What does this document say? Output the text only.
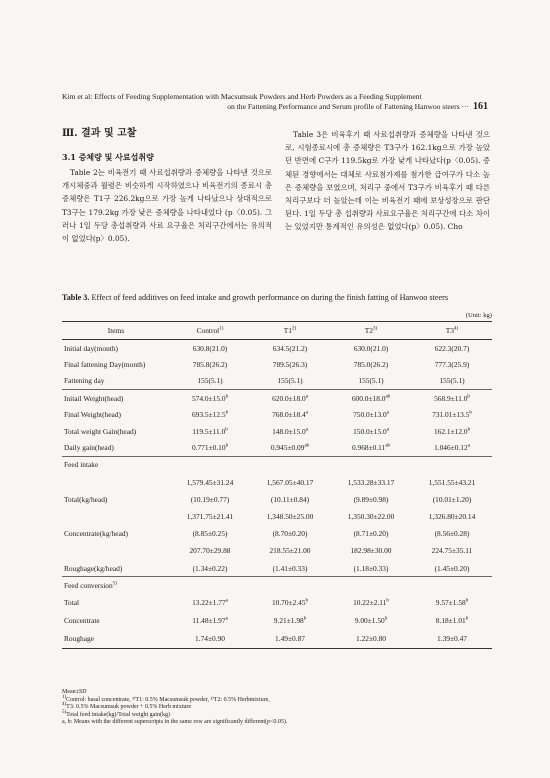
Kim et al: Effects of Feeding Supplementation with Macsumsuk Powders and Herb Powders as a Feeding Supplement
on the Fattening Performance and Serum profile of Fattening Hanwoo steers ··· 161
Ⅲ. 결과 및 고찰
3.1 증체량 및 사료섭취량

Table 2는 비육전기 때 사료섭취량과 증체량을 나타낸 것으로 개시체중과 월령은 비슷하게 시작하였으나 비육전기의 종료시 총 증체량은 T1구 226.2kg으로 가장 높게 나타났으나 상대적으로 T3구는 179.2kg 가장 낮은 증체량을 나타내었다 (p〈0.05). 그러나 1일 두당 총섭취량과 사료 요구율은 처리구간에서는 유의적이 없었다(p〉0.05).

Table 3은 비육후기 때 사료섭취량과 증체량을 나타낸 것으로, 시험종료시에 총 증체량은 T3구가 162.1kg으로 가장 높았던 반면에 C구가 119.5kg로 가장 낮게 나타났다(p〈0.05). 증체된 경향에서는 대체로 사료첨가제를 첨가한 급여구가 다소 높은 증체량을 보였으며, 처리구 중에서 T3구가 비육후기 때 다른 처리구보다 더 높았는데 이는 비육전기 때에 보상성장으로 판단된다. 1일 두당 총 섭취량과 사료요구율은 처리구간에 다소 차이는 있었지만 통계적인 유의성은 없었다(p〉0.05). Cho

Table 3. Effect of feed additives on feed intake and growth performance on during the finish fatting of Hanwoo steers
(Unit: kg)
Items	Control$^{1)}$	T1$^{2)}$	T2$^{3)}$	T3$^{4)}$
Initial day(month)	630.8(21.0)	634.5(21.2)	630.0(21.0)	622.3(20.7)
Final fattening Day(month)	785.8(26.2)	789.5(26.3)	785.0(26.2)	777.3(25.9)
Fattening day	155(5.1)	155(5.1)	155(5.1)	155(5.1)
Initail Weight(head)	574.0±15.0$^b$	620.0±18.0$^a$	600.0±18.0$^{ab}$	568.9±11.0$^b$
Final Weight(head)	693.5±12.5$^b$	768.0±18.4$^a$	750.0±13.0$^a$	731.01±13.5$^b$
Total weight Gain(head)	119.5±11.0$^b$	148.0±15.0$^a$	150.0±15.0$^a$	162.1±12.0$^b$
Daily gain(head)	0.771±0.10$^b$	0.945±0.09$^{ab}$	0.968±0.11$^{ab}$	1.046±0.12$^a$
Feed intake				
	1,579.45±31.24	1,567.05±40.17	1,533.28±33.17	1,551.55±43.21
Total(kg/head)	(10.19±0.77)	(10.11±0.84)	(9.89±0.98)	(10.01±1.20)
	1,371.75±21.41	1,348.50±25.00	1,350.30±22.00	1,326.80±20.14
Concentrate(kg/head)	(8.85±0.25)	(8.70±0.20)	(8.71±0.20)	(8.56±0.28)
	207.70±29.88	218.55±21.00	182.98±30.00	224.75±35.11
Roughage(kg/head)	(1.34±0.22)	(1.41±0.33)	(1.18±0.33)	(1.45±0.20)
Feed conversion$^{5)}$				
Total	13.22±1.77$^a$	10.70±2.45$^b$	10.22±2.11$^b$	9.57±1.58$^b$
Concentrate	11.48±1.97$^a$	9.21±1.98$^b$	9.00±1.50$^b$	8.18±1.01$^b$
Roughage	1.74±0.90	1.49±0.87	1.22±0.80	1.39±0.47
Mean±SD
$^{1)}$Control: basal concentrate, ²⁾T1: 0.5% Macsumsuk powder, ³⁾T2: 0.5% Herbmixture,
$^{4)}$T3: 0.5% Macsumsuk powder + 0.5% Herb mixture
$^{5)}$Total feed intake(kg)/Total weight gain(kg)
a, b: Means with the different superscripts in the same row are significantly different(p<0.05).
